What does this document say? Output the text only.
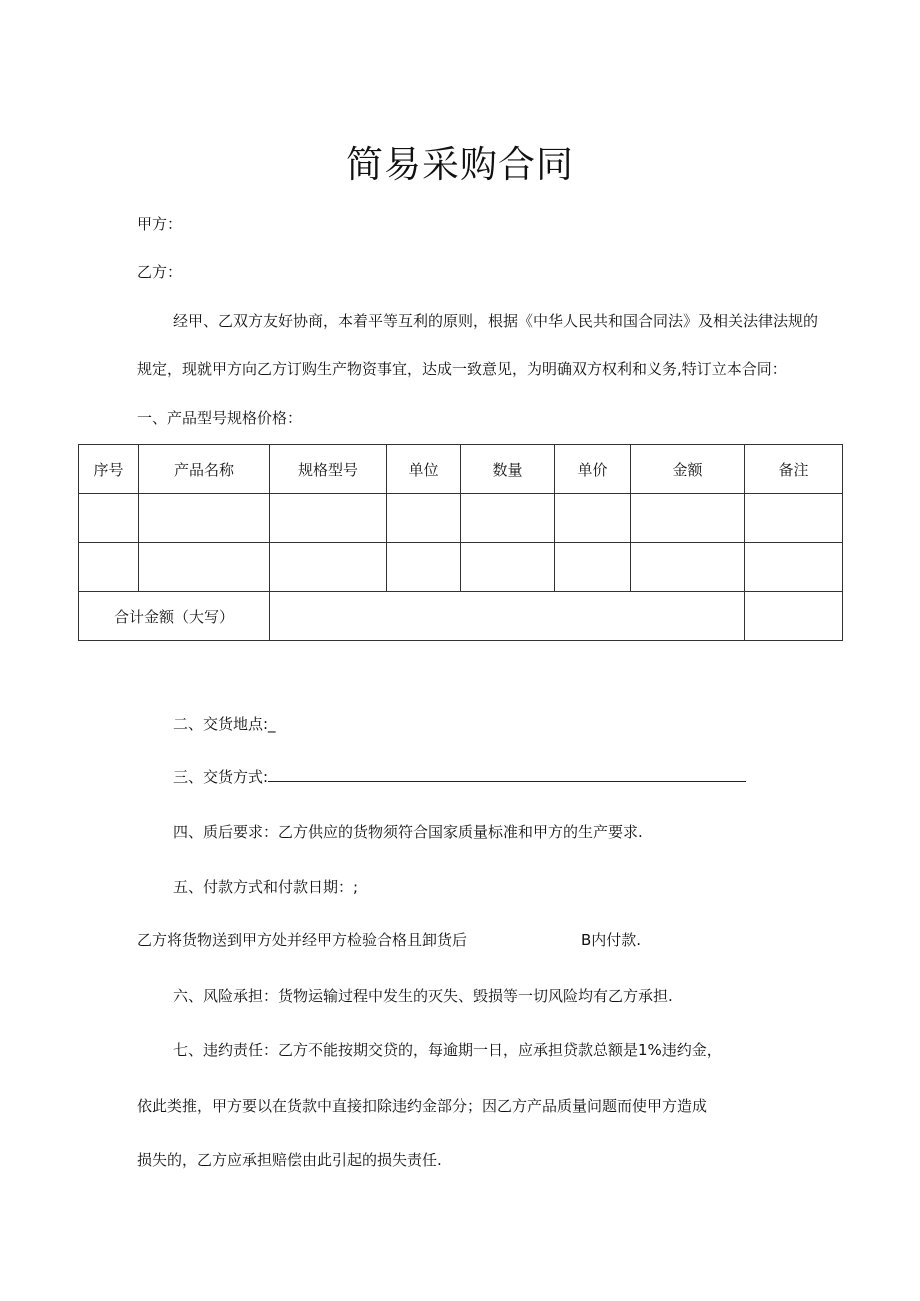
简易采购合同
甲方：
乙方：
经甲、乙双方友好协商，本着平等互利的原则，根据《中华人民共和国合同法》及相关法律法规的
规定，现就甲方向乙方订购生产物资事宜，达成一致意见，为明确双方权利和义务,特订立本合同：
一、产品型号规格价格：
序号	产品名称	规格型号	单位	数量	单价	金额	备注

合计金额（大写）							
二、交货地点:_
三、交货方式:
四、质后要求：乙方供应的货物须符合国家质量标准和甲方的生产要求.
五、付款方式和付款日期：;
乙方将货物送到甲方处并经甲方检验合格且卸货后	B内付款.
六、风险承担：货物运输过程中发生的灭失、毁损等一切风险均有乙方承担.
七、违约责任：乙方不能按期交贷的，每逾期一日，应承担贷款总额是1%违约金，
依此类推，甲方要以在货款中直接扣除违约金部分；因乙方产品质量问题而使甲方造成
损失的，乙方应承担赔偿由此引起的损失责任.
